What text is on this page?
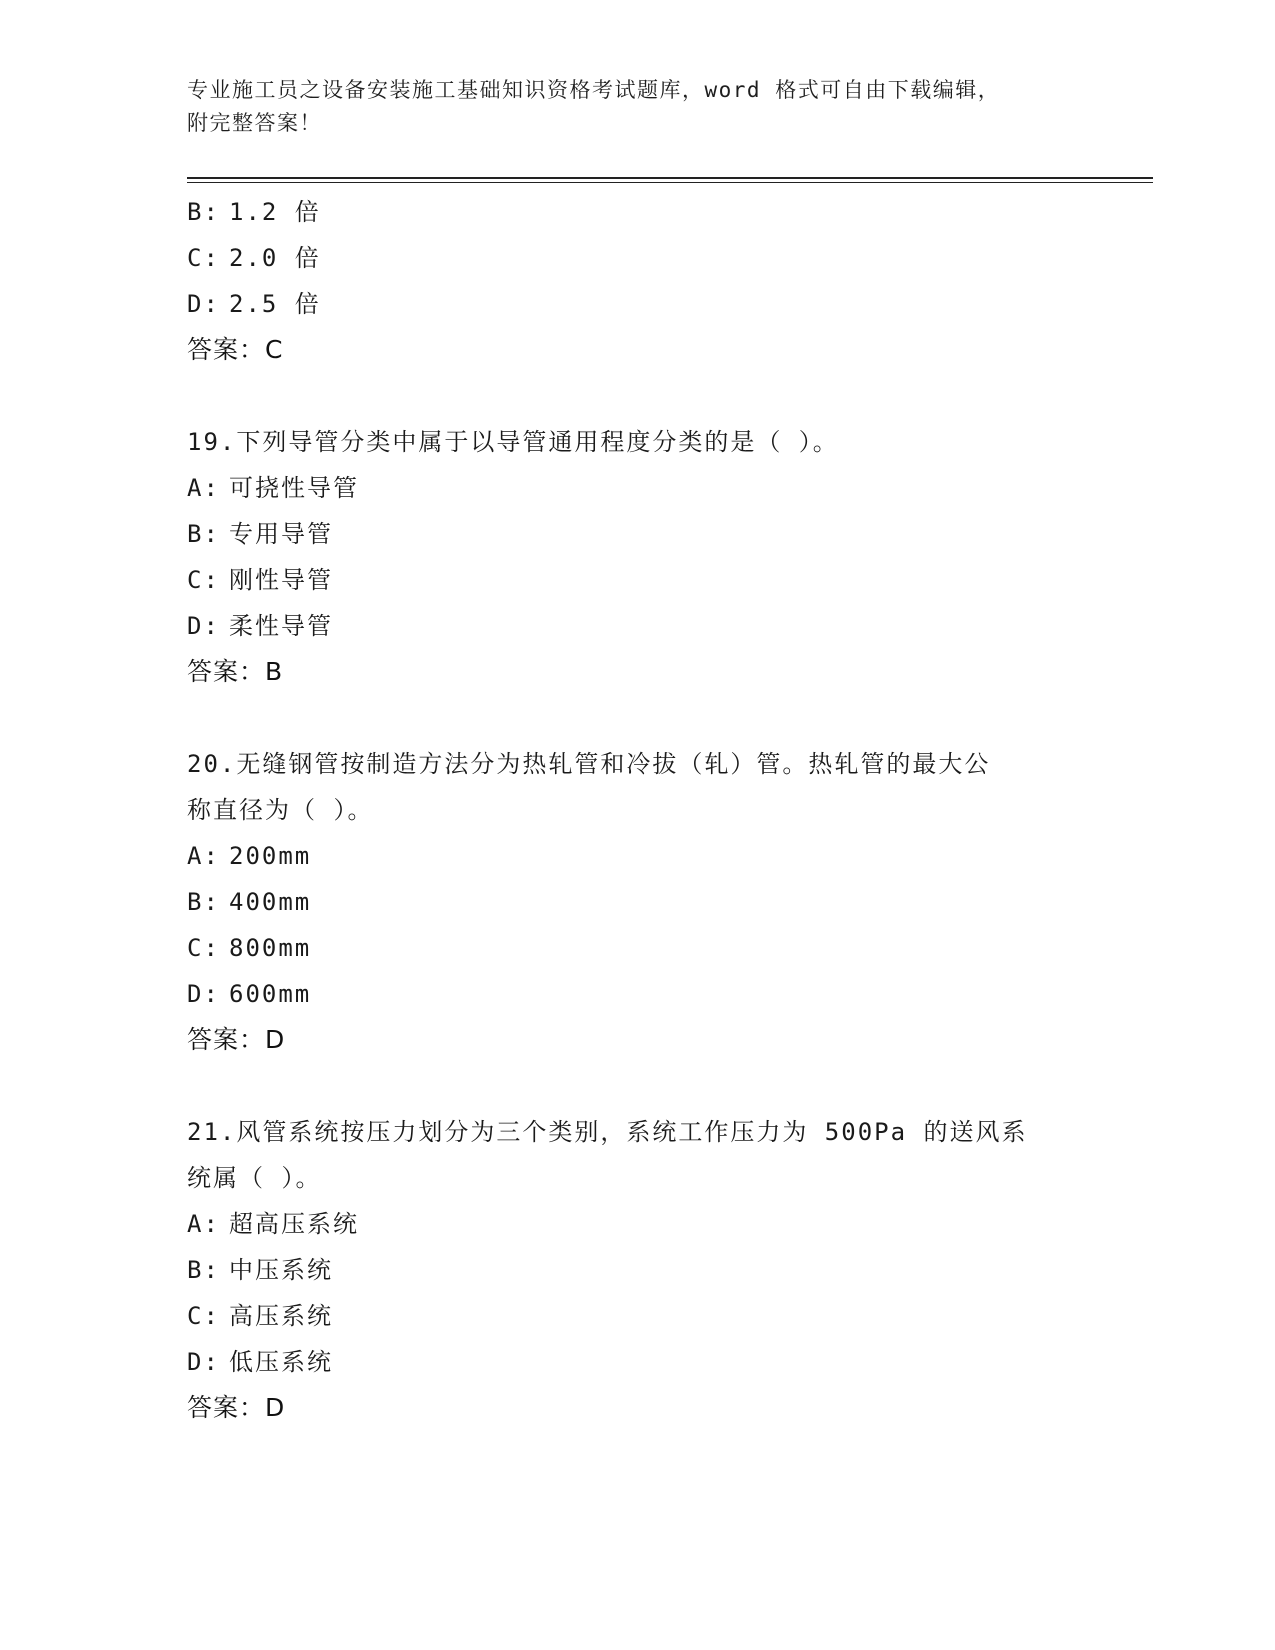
专业施工员之设备安装施工基础知识资格考试题库，word 格式可自由下载编辑，
附完整答案！
B: 1.2 倍
C: 2.0 倍
D: 2.5 倍
答案：C
19.下列导管分类中属于以导管通用程度分类的是（ ）。
A: 可挠性导管
B: 专用导管
C: 刚性导管
D: 柔性导管
答案：B
20.无缝钢管按制造方法分为热轧管和冷拔（轧）管。热轧管的最大公
称直径为（ ）。
A: 200mm
B: 400mm
C: 800mm
D: 600mm
答案：D
21.风管系统按压力划分为三个类别，系统工作压力为 500Pa 的送风系
统属（ ）。
A: 超高压系统
B: 中压系统
C: 高压系统
D: 低压系统
答案：D
